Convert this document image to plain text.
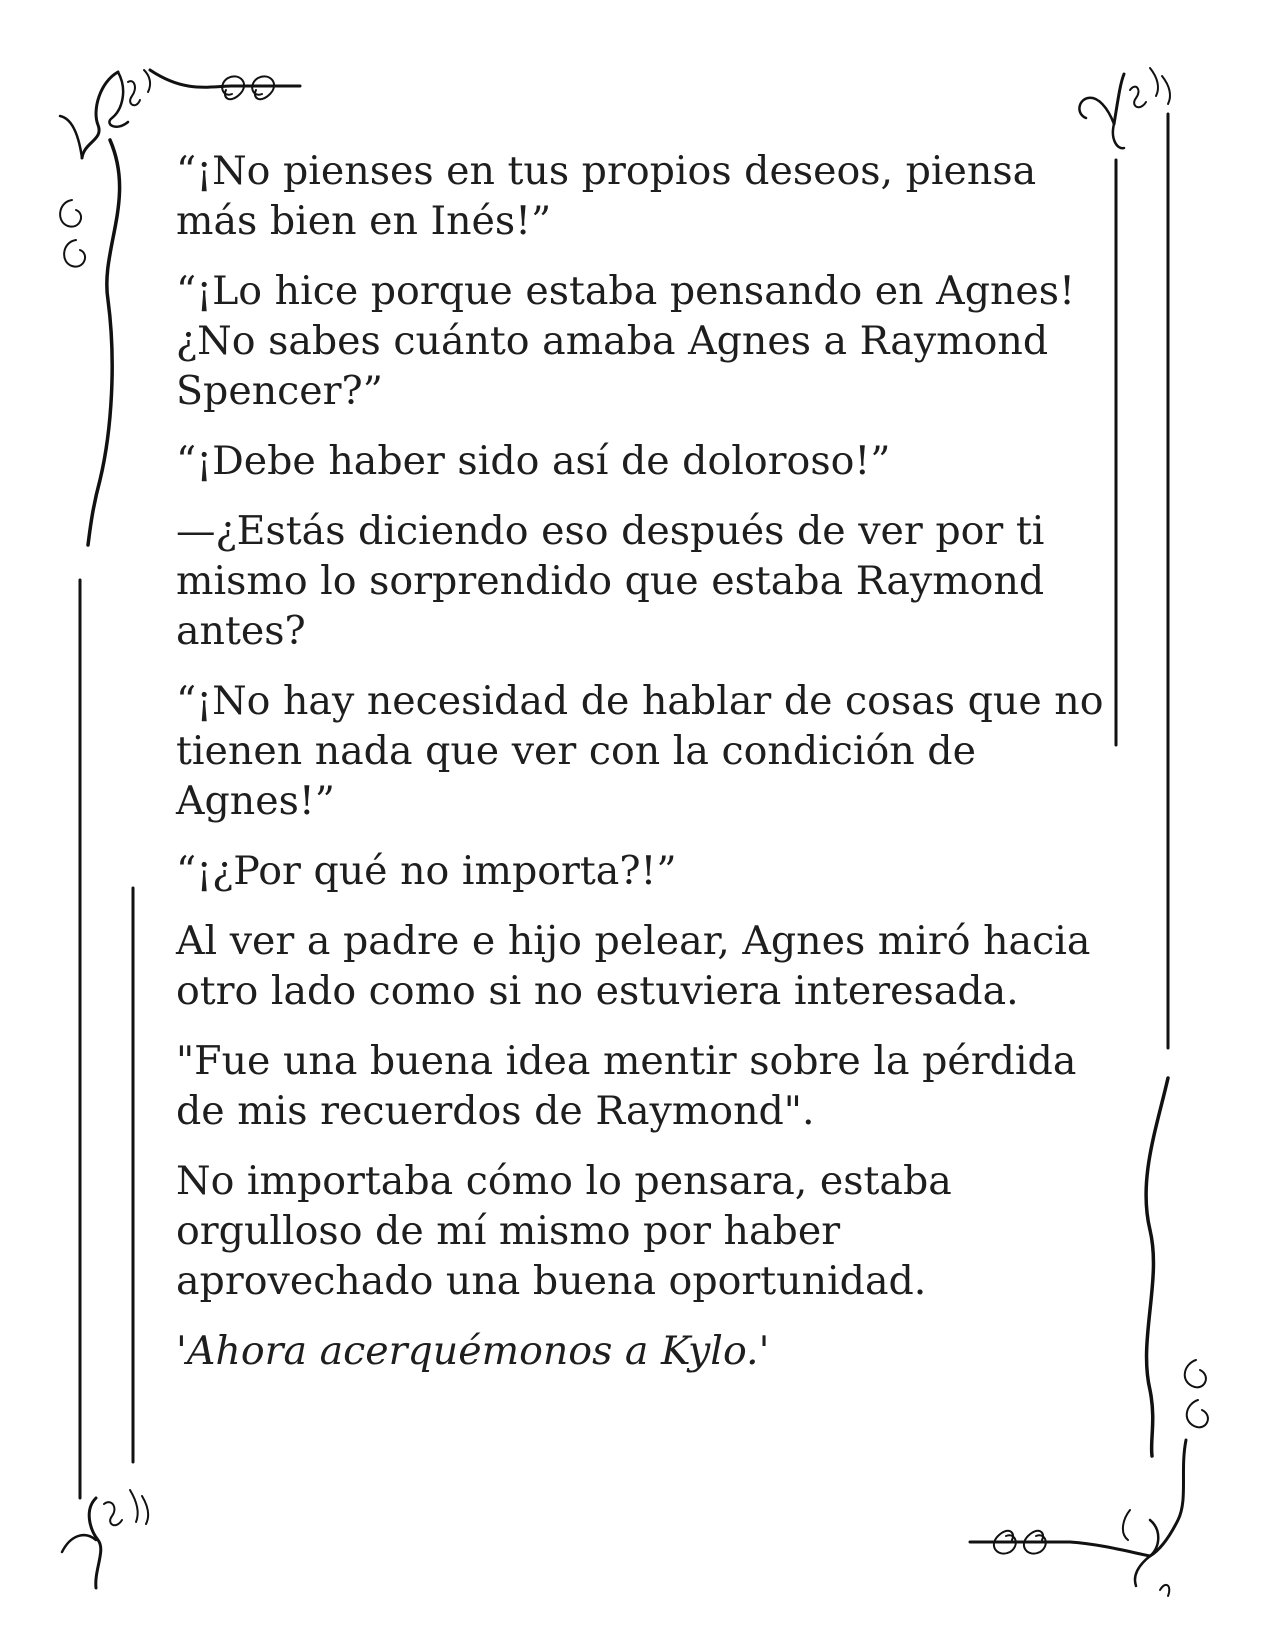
“¡No pienses en tus propios deseos, piensa más bien en Inés!”

“¡Lo hice porque estaba pensando en Agnes! ¿No sabes cuánto amaba Agnes a Raymond Spencer?”

“¡Debe haber sido así de doloroso!”

—¿Estás diciendo eso después de ver por ti mismo lo sorprendido que estaba Raymond antes?

“¡No hay necesidad de hablar de cosas que no tienen nada que ver con la condición de Agnes!”

“¡¿Por qué no importa?!”

Al ver a padre e hijo pelear, Agnes miró hacia otro lado como si no estuviera interesada.

"Fue una buena idea mentir sobre la pérdida de mis recuerdos de Raymond".

No importaba cómo lo pensara, estaba orgulloso de mí mismo por haber aprovechado una buena oportunidad.

'Ahora acerquémonos a Kylo.'
